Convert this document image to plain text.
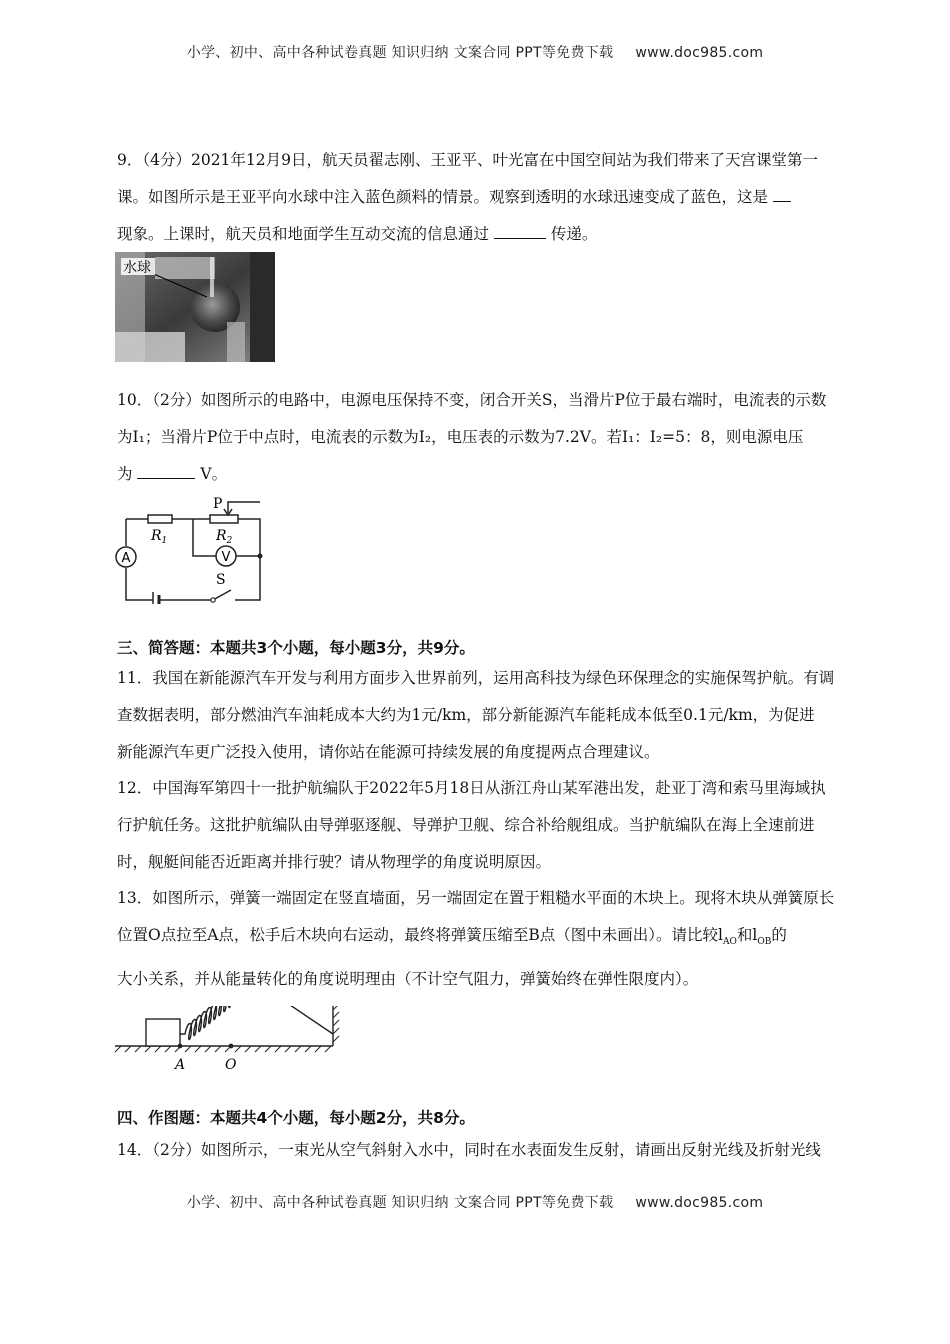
小学、初中、高中各种试卷真题 知识归纳 文案合同 PPT等免费下载 www.doc985.com

9．（4分）2021年12月9日，航天员翟志刚、王亚平、叶光富在中国空间站为我们带来了天宫课堂第一

课。如图所示是王亚平向水球中注入蓝色颜料的情景。观察到透明的水球迅速变成了蓝色，这是

现象。上课时，航天员和地面学生互动交流的信息通过	传递。

水球

10．（2分）如图所示的电路中，电源电压保持不变，闭合开关S，当滑片P位于最右端时，电流表的示数

为I₁；当滑片P位于中点时，电流表的示数为I₂，电压表的示数为7.2V。若I₁：I₂=5：8，则电源电压

为	V。

A	V
P
$R_1$	$R_2$
S
三、简答题：本题共3个小题，每小题3分，共9分。

11．我国在新能源汽车开发与利用方面步入世界前列，运用高科技为绿色环保理念的实施保驾护航。有调

查数据表明，部分燃油汽车油耗成本大约为1元/km，部分新能源汽车能耗成本低至0.1元/km，为促进

新能源汽车更广泛投入使用，请你站在能源可持续发展的角度提两点合理建议。

12．中国海军第四十一批护航编队于2022年5月18日从浙江舟山某军港出发，赴亚丁湾和索马里海域执

行护航任务。这批护航编队由导弹驱逐舰、导弹护卫舰、综合补给舰组成。当护航编队在海上全速前进

时，舰艇间能否近距离并排行驶？请从物理学的角度说明原因。

13．如图所示，弹簧一端固定在竖直墙面，另一端固定在置于粗糙水平面的木块上。现将木块从弹簧原长

位置O点拉至A点，松手后木块向右运动，最终将弹簧压缩至B点（图中未画出）。请比较$l_{AO}$和$l_{OB}$的

大小关系，并从能量转化的角度说明理由（不计空气阻力，弹簧始终在弹性限度内）。

A	O
四、作图题：本题共4个小题，每小题2分，共8分。

14．（2分）如图所示，一束光从空气斜射入水中，同时在水表面发生反射，请画出反射光线及折射光线

小学、初中、高中各种试卷真题 知识归纳 文案合同 PPT等免费下载 www.doc985.com
